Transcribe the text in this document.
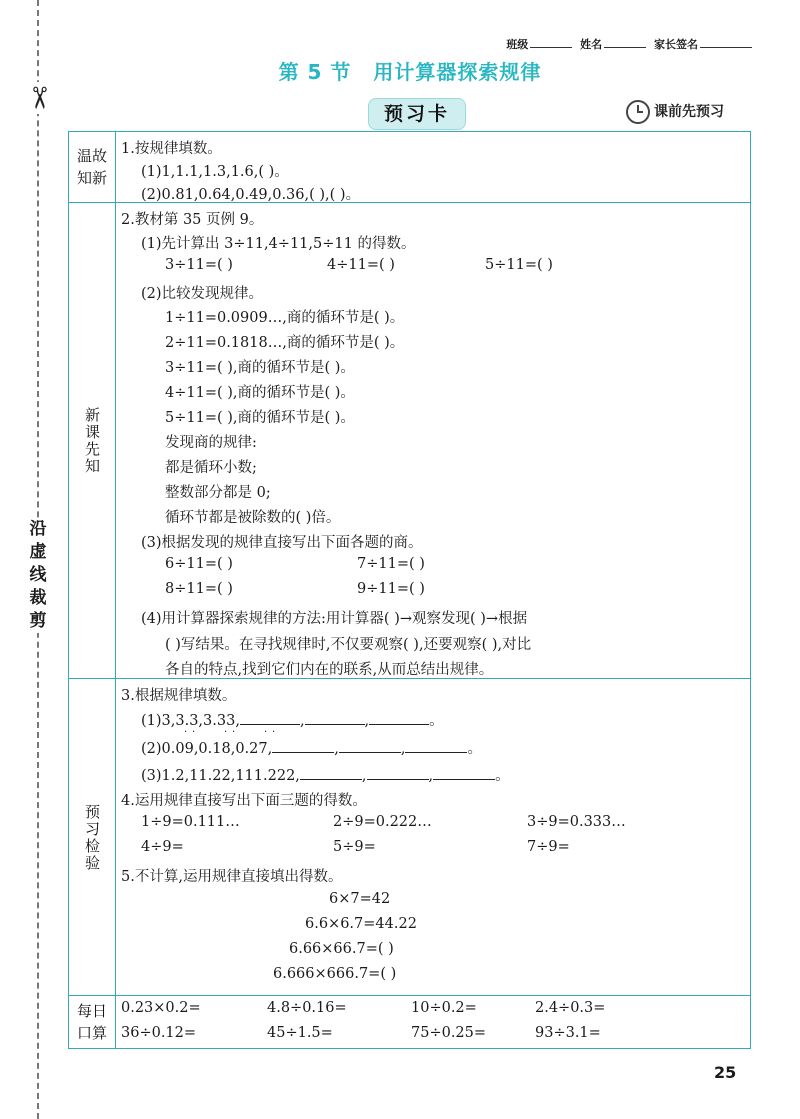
✂
沿
虚
线
裁
剪
班级	姓名	家长签名
第 5 节 用计算器探索规律
预习卡	课前先预习
温故知新
1.按规律填数。
(1)1,1.1,1.3,1.6,( )。
(2)0.81,0.64,0.49,0.36,( ),( )。
新课先知
2.教材第 35 页例 9。
(1)先计算出 3÷11,4÷11,5÷11 的得数。
3÷11=( )	4÷11=( )	5÷11=( )
(2)比较发现规律。
1÷11=0.0909…,商的循环节是( )。
2÷11=0.1818…,商的循环节是( )。
3÷11=( ),商的循环节是( )。
4÷11=( ),商的循环节是( )。
5÷11=( ),商的循环节是( )。
发现商的规律:
都是循环小数;
整数部分都是 0;
循环节都是被除数的( )倍。
(3)根据发现的规律直接写出下面各题的商。
6÷11=( )	7÷11=( )
8÷11=( )	9÷11=( )
(4)用计算器探索规律的方法:用计算器( )→观察发现( )→根据
( )写结果。在寻找规律时,不仅要观察( ),还要观察( ),对比
各自的特点,找到它们内在的联系,从而总结出规律。
预习检验
3.根据规律填数。
(1)3,3.3,3.33,	,	,	。
· ·	· ·	· ·
(2)0.09,0.18,0.27,	,	,	。
(3)1.2,11.22,111.222,	,	,	。
4.运用规律直接写出下面三题的得数。
1÷9=0.111…	2÷9=0.222…	3÷9=0.333…
4÷9=	5÷9=	7÷9=
5.不计算,运用规律直接填出得数。
6×7=42
6.6×6.7=44.22
6.66×66.7=( )
6.666×666.7=( )
每日口算
0.23×0.2=	4.8÷0.16=	10÷0.2=	2.4÷0.3=
36÷0.12=	45÷1.5=	75÷0.25=	93÷3.1=
25
